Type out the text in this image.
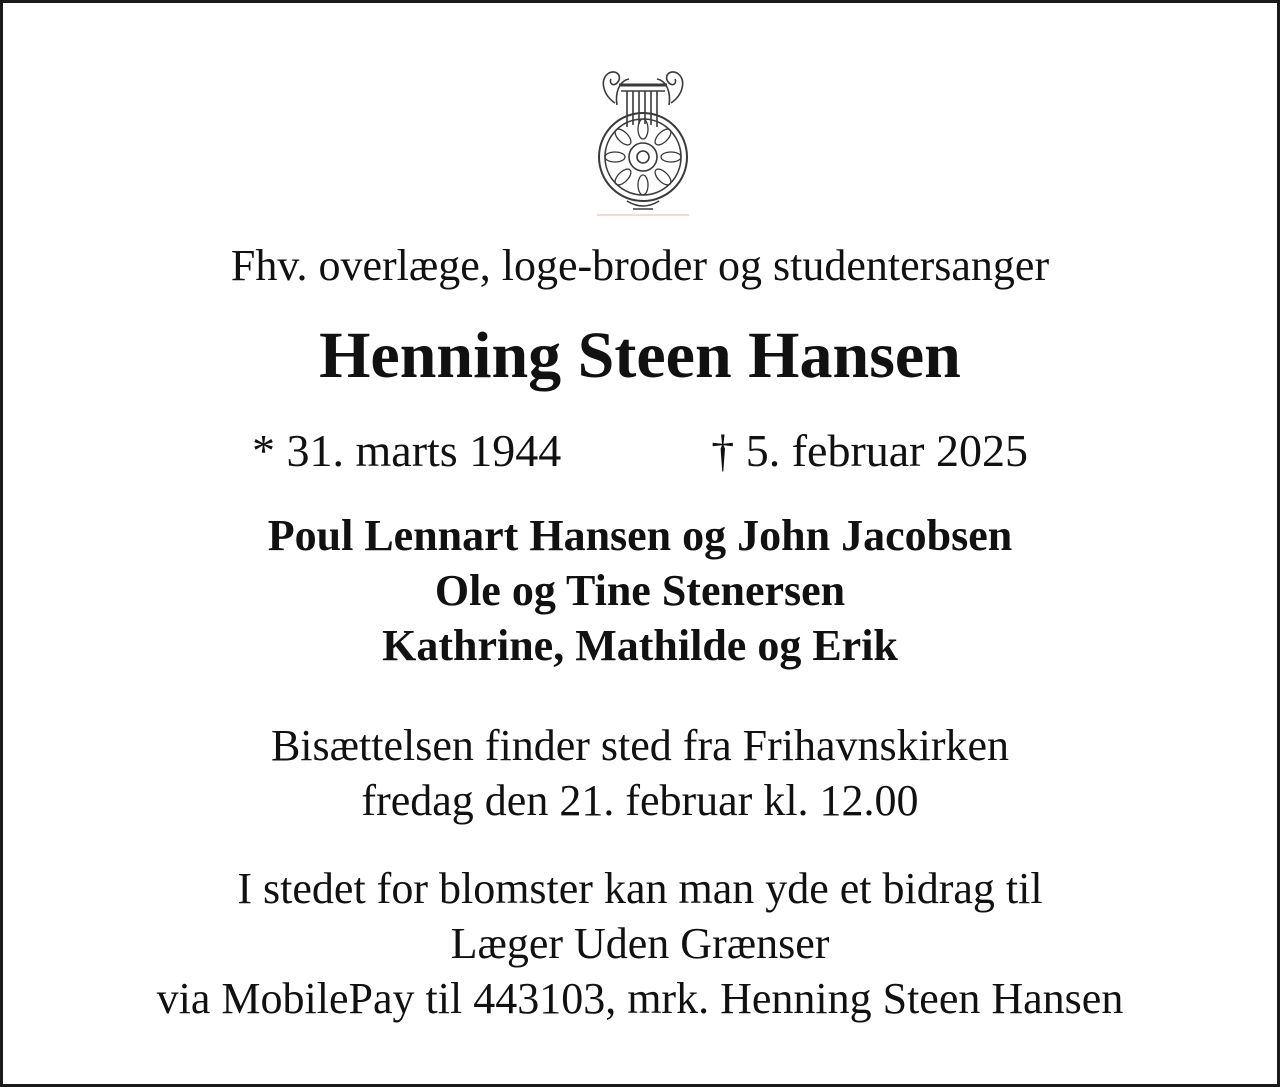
Fhv. overlæge, loge-broder og studentersanger
Henning Steen Hansen
* 31. marts 1944	† 5. februar 2025
Poul Lennart Hansen og John Jacobsen
Ole og Tine Stenersen
Kathrine, Mathilde og Erik
Bisættelsen finder sted fra Frihavnskirken
fredag den 21. februar kl. 12.00
I stedet for blomster kan man yde et bidrag til
Læger Uden Grænser
via MobilePay til 443103, mrk. Henning Steen Hansen
